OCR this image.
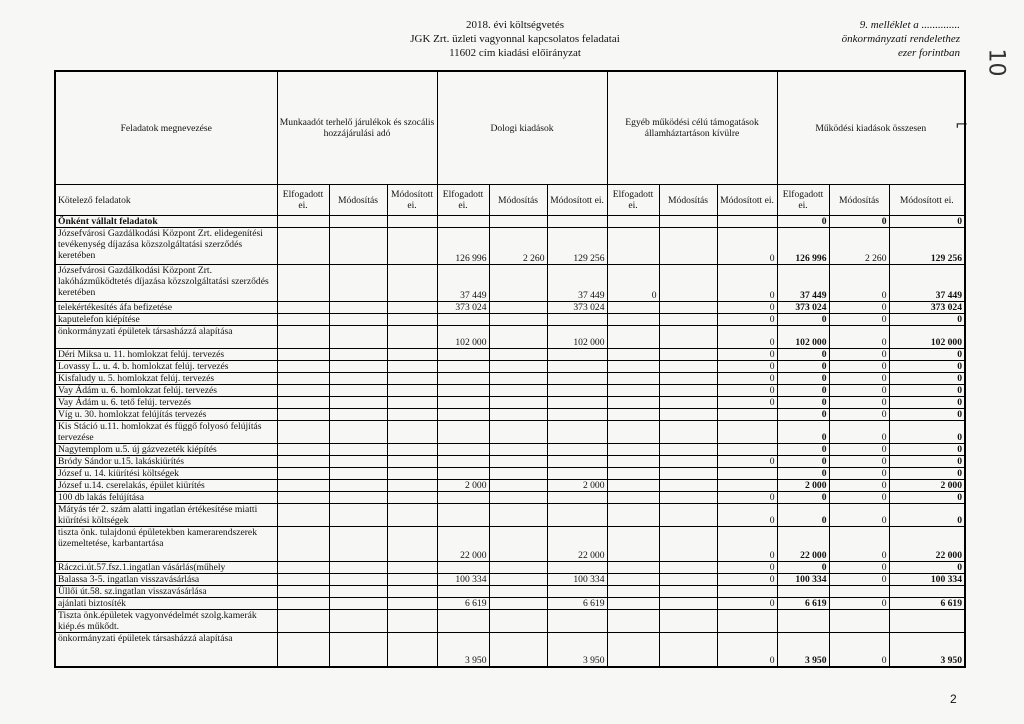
2018. évi költségvetés
JGK Zrt. üzleti vagyonnal kapcsolatos feladatai
11602 cím kiadási előirányzat
9. melléklet a ..............
önkormányzati rendelethez
ezer forintban 10
⌐
Feladatok megnevezése	Munkaadót terhelő járulékok és szocális hozzájárulási adó			Dologi kiadások			Egyéb működési célú támogatások államháztartáson kívülre			Működési kiadások összesen		
Kötelező feladatok	Elfogadott ei.	Módosítás	Módosított ei.	Elfogadott ei.	Módosítás	Módosított ei.	Elfogadott ei.	Módosítás	Módosított ei.	Elfogadott ei.	Módosítás	Módosított ei.
Önként vállalt feladatok										0	0	0
Józsefvárosi Gazdálkodási Központ Zrt. elidegenítési tevékenység díjazása közszolgáltatási szerződés keretében				126 996	2 260	129 256			0	126 996	2 260	129 256
Józsefvárosi Gazdálkodási Központ Zrt. lakóházműködtetés díjazása közszolgáltatási szerződés keretében				37 449		37 449	0		0	37 449	0	37 449
telekértékesítés áfa befizetése				373 024		373 024			0	373 024	0	373 024
kaputelefon kiépítése									0	0	0	0
önkormányzati épületek társasházzá alapítása				102 000		102 000			0	102 000	0	102 000
Déri Miksa u. 11. homlokzat felúj. tervezés									0	0	0	0
Lovassy L. u. 4. b. homlokzat felúj. tervezés									0	0	0	0
Kisfaludy u. 5. homlokzat felúj. tervezés									0	0	0	0
Vay Ádám u. 6. homlokzat felúj. tervezés									0	0	0	0
Vay Ádám u. 6. tető felúj. tervezés									0	0	0	0
Víg u. 30. homlokzat felújítás tervezés										0	0	0
Kis Stáció u.11. homlokzat és függő folyosó felújítás tervezése										0	0	0
Nagytemplom u.5. új gázvezeték kiépítés										0	0	0
Bródy Sándor u.15. lakáskiürítés									0	0	0	0
József u. 14. kiürítési költségek										0	0	0
József u.14. cserelakás, épület kiürítés				2 000		2 000				2 000	0	2 000
100 db lakás felújítása									0	0	0	0
Mátyás tér 2. szám alatti ingatlan értékesítése miatti kiürítési költségek									0	0	0	0
tiszta önk. tulajdonú épületekben kamerarendszerek üzemeltetése, karbantartása				22 000		22 000			0	22 000	0	22 000
Ráczci.út.57.fsz.1.ingatlan vásárlás(műhely									0	0	0	0
Balassa 3-5. ingatlan visszavásárlása				100 334		100 334			0	100 334	0	100 334
Üllői út.58. sz.ingatlan visszavásárlása												
ajánlati biztosíték				6 619		6 619			0	6 619	0	6 619
Tiszta önk.épületek vagyonvédelmét szolg.kamerák kiép.és műkődt.												
önkormányzati épületek társasházzá alapítása				3 950		3 950			0	3 950	0	3 950
2
